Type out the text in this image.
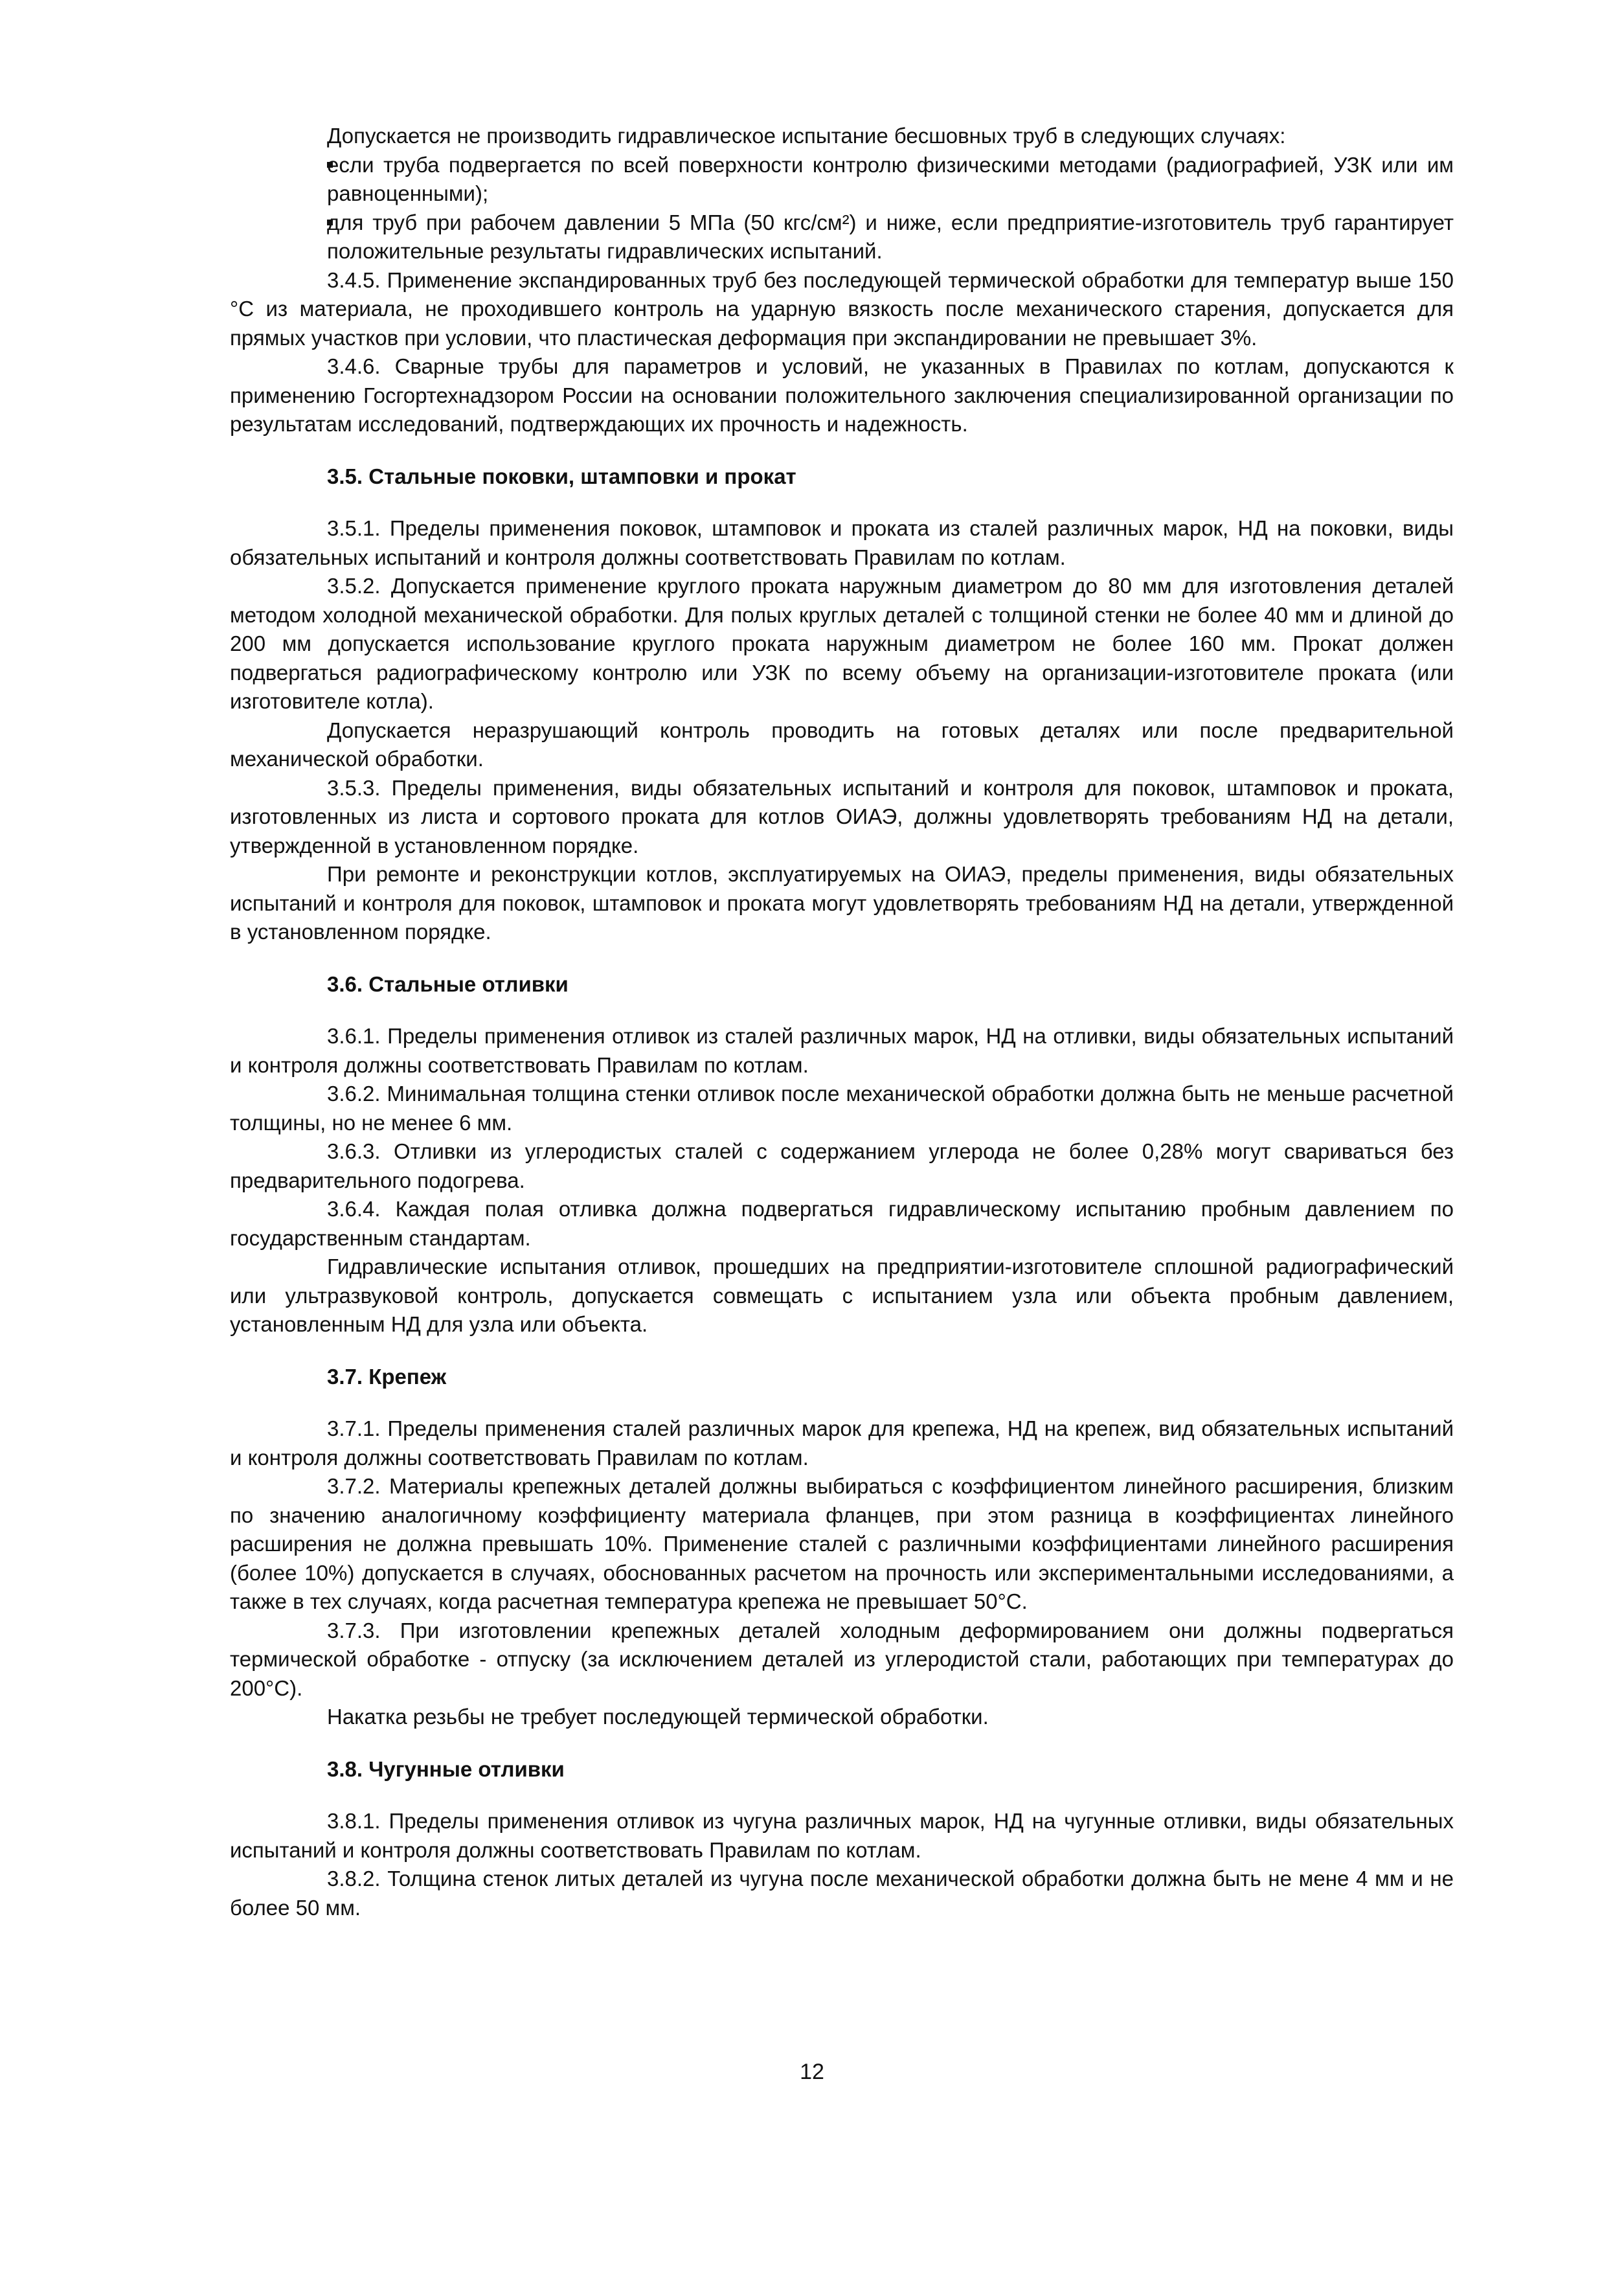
Допускается не производить гидравлическое испытание бесшовных труб в следующих случаях:

если труба подвергается по всей поверхности контролю физическими методами (радиографией, УЗК или им равноценными);
для труб при рабочем давлении 5 МПа (50 кгс/см²) и ниже, если предприятие-изготовитель труб гарантирует положительные результаты гидравлических испытаний.

3.4.5. Применение экспандированных труб без последующей термической обработки для температур выше 150 °С из материала, не проходившего контроль на ударную вязкость после механического старения, допускается для прямых участков при условии, что пластическая деформация при экспандировании не превышает 3%.

3.4.6. Сварные трубы для параметров и условий, не указанных в Правилах по котлам, допускаются к применению Госгортехнадзором России на основании положительного заключения специализированной организации по результатам исследований, подтверждающих их прочность и надежность.

3.5. Стальные поковки, штамповки и прокат

3.5.1. Пределы применения поковок, штамповок и проката из сталей различных марок, НД на поковки, виды обязательных испытаний и контроля должны соответствовать Правилам по котлам.

3.5.2. Допускается применение круглого проката наружным диаметром до 80 мм для изготовления деталей методом холодной механической обработки. Для полых круглых деталей с толщиной стенки не более 40 мм и длиной до 200 мм допускается использование круглого проката наружным диаметром не более 160 мм. Прокат должен подвергаться радиографическому контролю или УЗК по всему объему на организации-изготовителе проката (или изготовителе котла).

Допускается неразрушающий контроль проводить на готовых деталях или после предварительной механической обработки.

3.5.3. Пределы применения, виды обязательных испытаний и контроля для поковок, штамповок и проката, изготовленных из листа и сортового проката для котлов ОИАЭ, должны удовлетворять требованиям НД на детали, утвержденной в установленном порядке.

При ремонте и реконструкции котлов, эксплуатируемых на ОИАЭ, пределы применения, виды обязательных испытаний и контроля для поковок, штамповок и проката могут удовлетворять требованиям НД на детали, утвержденной в установленном порядке.

3.6. Стальные отливки

3.6.1. Пределы применения отливок из сталей различных марок, НД на отливки, виды обязательных испытаний и контроля должны соответствовать Правилам по котлам.

3.6.2. Минимальная толщина стенки отливок после механической обработки должна быть не меньше расчетной толщины, но не менее 6 мм.

3.6.3. Отливки из углеродистых сталей с содержанием углерода не более 0,28% могут свариваться без предварительного подогрева.

3.6.4. Каждая полая отливка должна подвергаться гидравлическому испытанию пробным давлением по государственным стандартам.

Гидравлические испытания отливок, прошедших на предприятии-изготовителе сплошной радиографический или ультразвуковой контроль, допускается совмещать с испытанием узла или объекта пробным давлением, установленным НД для узла или объекта.

3.7. Крепеж

3.7.1. Пределы применения сталей различных марок для крепежа, НД на крепеж, вид обязательных испытаний и контроля должны соответствовать Правилам по котлам.

3.7.2. Материалы крепежных деталей должны выбираться с коэффициентом линейного расширения, близким по значению аналогичному коэффициенту материала фланцев, при этом разница в коэффициентах линейного расширения не должна превышать 10%. Применение сталей с различными коэффициентами линейного расширения (более 10%) допускается в случаях, обоснованных расчетом на прочность или экспериментальными исследованиями, а также в тех случаях, когда расчетная температура крепежа не превышает 50°С.

3.7.3. При изготовлении крепежных деталей холодным деформированием они должны подвергаться термической обработке - отпуску (за исключением деталей из углеродистой стали, работающих при температурах до 200°С).

Накатка резьбы не требует последующей термической обработки.

3.8. Чугунные отливки

3.8.1. Пределы применения отливок из чугуна различных марок, НД на чугунные отливки, виды обязательных испытаний и контроля должны соответствовать Правилам по котлам.

3.8.2. Толщина стенок литых деталей из чугуна после механической обработки должна быть не мене 4 мм и не более 50 мм.

12
